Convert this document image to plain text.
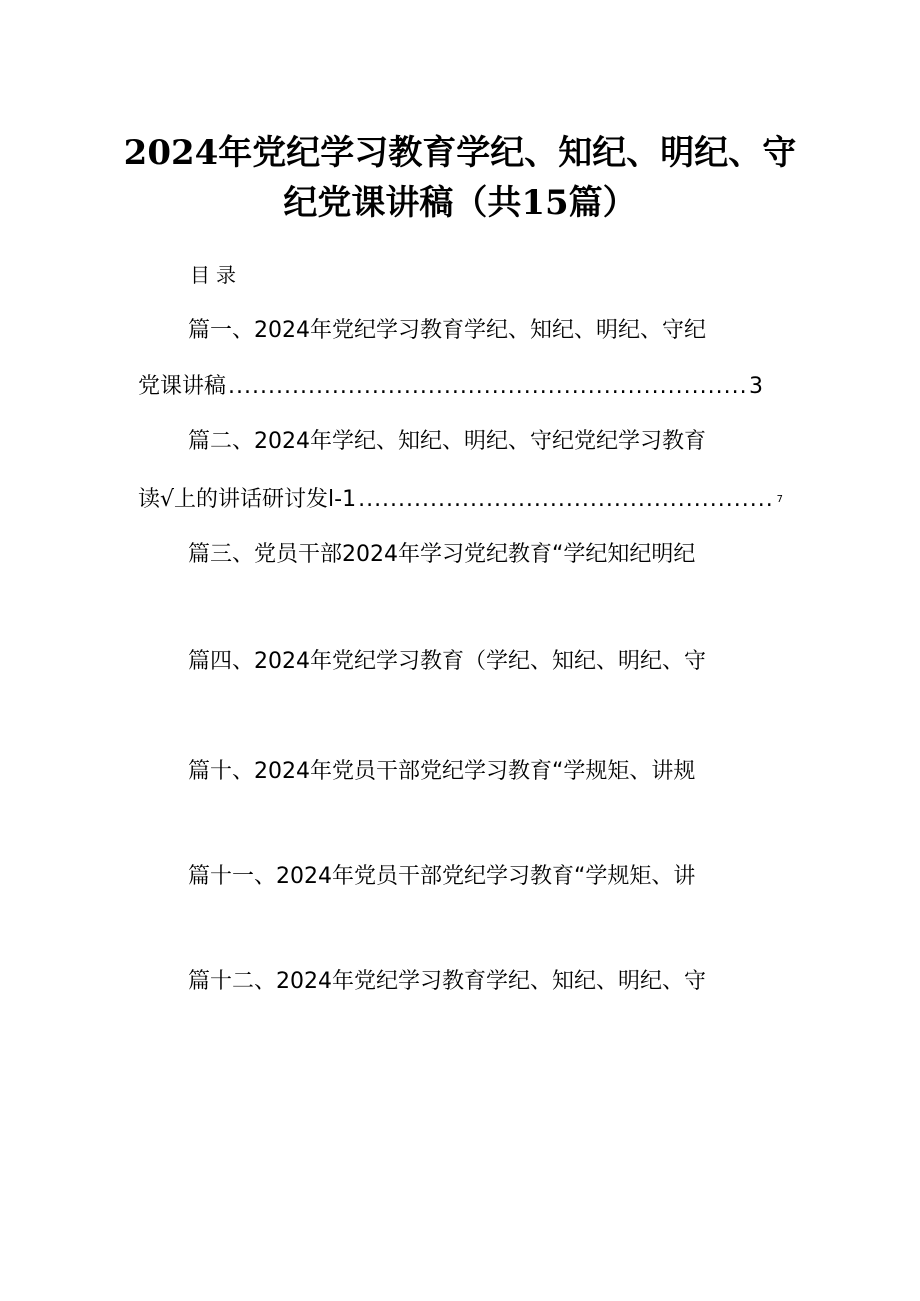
2024年党纪学习教育学纪、知纪、明纪、守
纪党课讲稿（共15篇）
目录
篇一、2024年党纪学习教育学纪、知纪、明纪、守纪
党课讲稿 .....	3
篇二、2024年学纪、知纪、明纪、守纪党纪学习教育
读√上的讲话研讨发l-1 .....	7
篇三、党员干部2024年学习党纪教育“学纪知纪明纪
篇四、2024年党纪学习教育（学纪、知纪、明纪、守
篇十、2024年党员干部党纪学习教育“学规矩、讲规
篇十一、2024年党员干部党纪学习教育“学规矩、讲
篇十二、2024年党纪学习教育学纪、知纪、明纪、守
